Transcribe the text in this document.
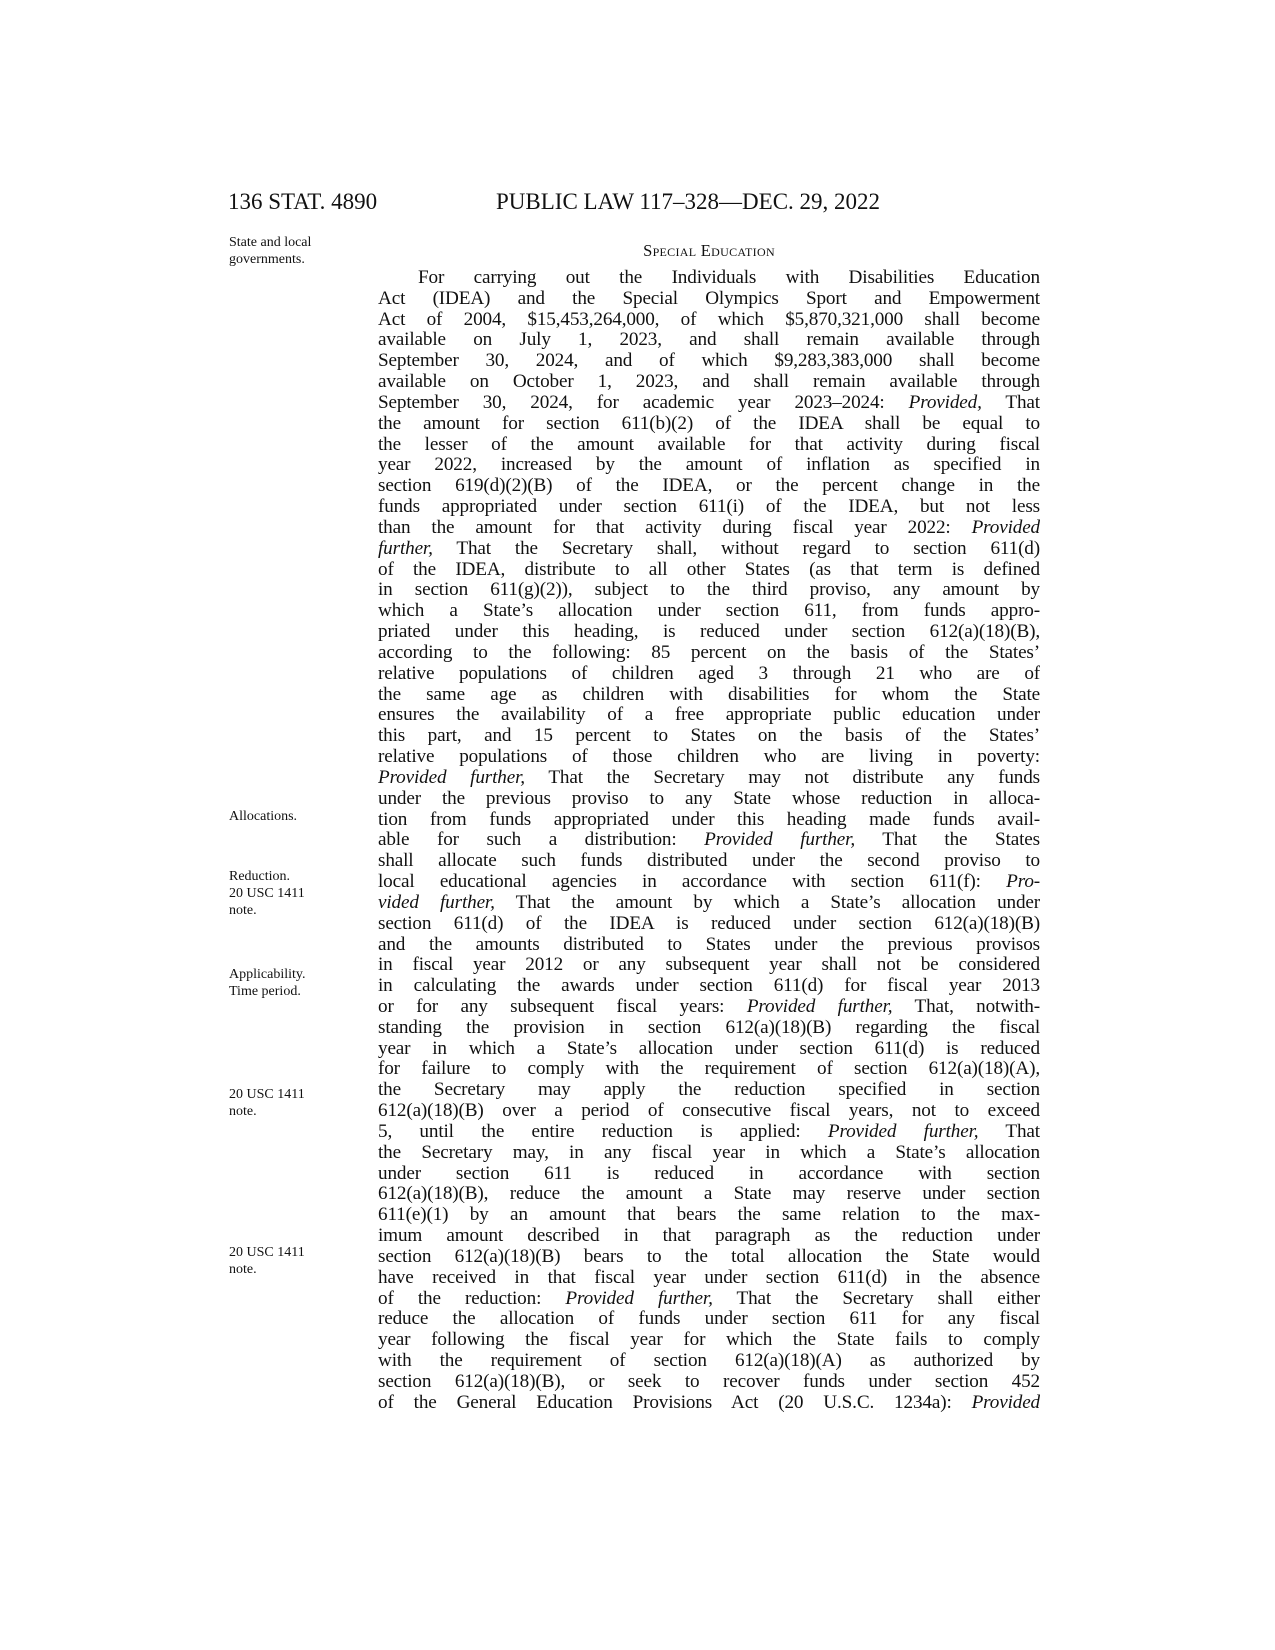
136 STAT. 4890	PUBLIC LAW 117–328—DEC. 29, 2022
State and local
governments.
Allocations.
Reduction.
20 USC 1411
note.
Applicability.
Time period.
20 USC 1411
note.
20 USC 1411
note.
Special Education
For carrying out the Individuals with Disabilities Education
Act (IDEA) and the Special Olympics Sport and Empowerment
Act of 2004, $15,453,264,000, of which $5,870,321,000 shall become
available on July 1, 2023, and shall remain available through
September 30, 2024, and of which $9,283,383,000 shall become
available on October 1, 2023, and shall remain available through
September 30, 2024, for academic year 2023–2024: Provided, That
the amount for section 611(b)(2) of the IDEA shall be equal to
the lesser of the amount available for that activity during fiscal
year 2022, increased by the amount of inflation as specified in
section 619(d)(2)(B) of the IDEA, or the percent change in the
funds appropriated under section 611(i) of the IDEA, but not less
than the amount for that activity during fiscal year 2022: Provided
further, That the Secretary shall, without regard to section 611(d)
of the IDEA, distribute to all other States (as that term is defined
in section 611(g)(2)), subject to the third proviso, any amount by
which a State’s allocation under section 611, from funds appro-
priated under this heading, is reduced under section 612(a)(18)(B),
according to the following: 85 percent on the basis of the States’
relative populations of children aged 3 through 21 who are of
the same age as children with disabilities for whom the State
ensures the availability of a free appropriate public education under
this part, and 15 percent to States on the basis of the States’
relative populations of those children who are living in poverty:
Provided further, That the Secretary may not distribute any funds
under the previous proviso to any State whose reduction in alloca-
tion from funds appropriated under this heading made funds avail-
able for such a distribution: Provided further, That the States
shall allocate such funds distributed under the second proviso to
local educational agencies in accordance with section 611(f): Pro-
vided further, That the amount by which a State’s allocation under
section 611(d) of the IDEA is reduced under section 612(a)(18)(B)
and the amounts distributed to States under the previous provisos
in fiscal year 2012 or any subsequent year shall not be considered
in calculating the awards under section 611(d) for fiscal year 2013
or for any subsequent fiscal years: Provided further, That, notwith-
standing the provision in section 612(a)(18)(B) regarding the fiscal
year in which a State’s allocation under section 611(d) is reduced
for failure to comply with the requirement of section 612(a)(18)(A),
the Secretary may apply the reduction specified in section
612(a)(18)(B) over a period of consecutive fiscal years, not to exceed
5, until the entire reduction is applied: Provided further, That
the Secretary may, in any fiscal year in which a State’s allocation
under section 611 is reduced in accordance with section
612(a)(18)(B), reduce the amount a State may reserve under section
611(e)(1) by an amount that bears the same relation to the max-
imum amount described in that paragraph as the reduction under
section 612(a)(18)(B) bears to the total allocation the State would
have received in that fiscal year under section 611(d) in the absence
of the reduction: Provided further, That the Secretary shall either
reduce the allocation of funds under section 611 for any fiscal
year following the fiscal year for which the State fails to comply
with the requirement of section 612(a)(18)(A) as authorized by
section 612(a)(18)(B), or seek to recover funds under section 452
of the General Education Provisions Act (20 U.S.C. 1234a): Provided
